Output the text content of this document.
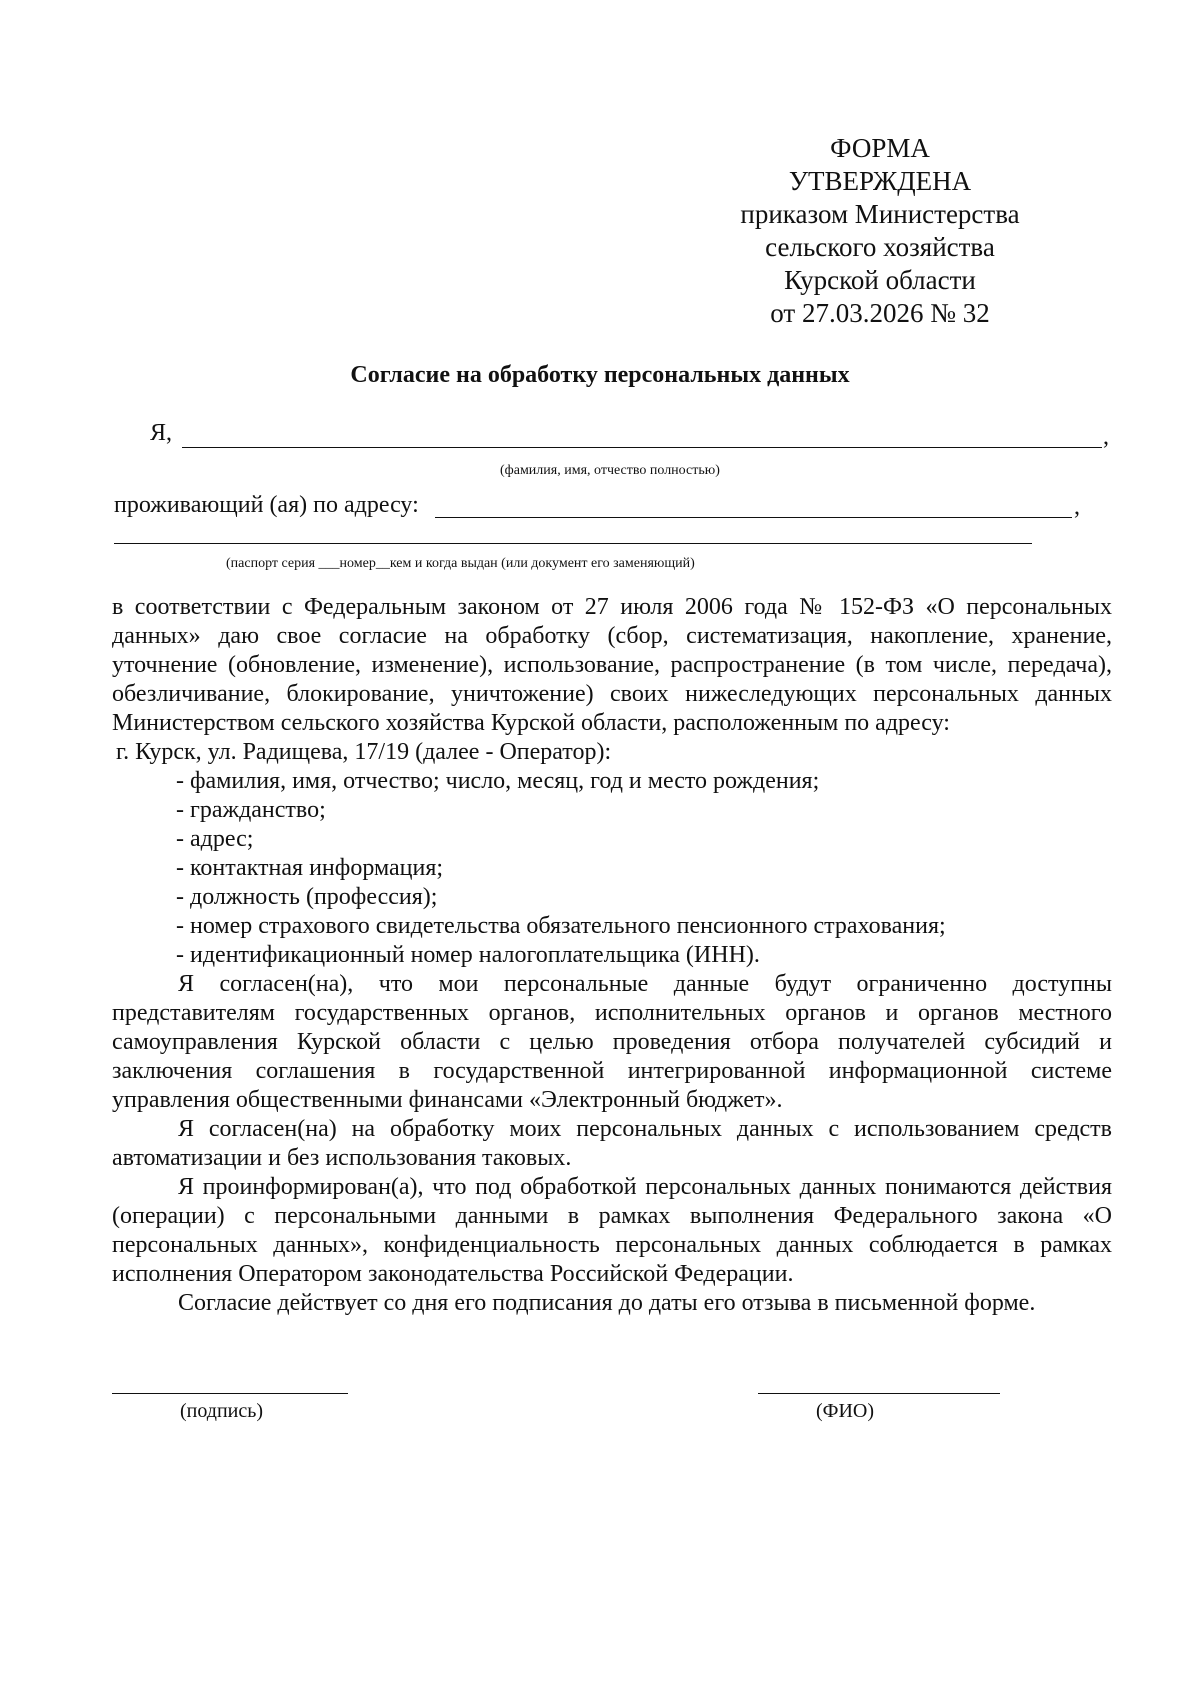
ФОРМА
УТВЕРЖДЕНА
приказом Министерства
сельского хозяйства
Курской области
от 27.03.2026 № 32
Согласие на обработку персональных данных
Я,	,
(фамилия, имя, отчество полностью)
проживающий (ая) по адресу:	,
(паспорт серия ___номер__кем и когда выдан (или документ его заменяющий)

в соответствии с Федеральным законом от 27 июля 2006 года № 152-ФЗ «О персональных данных» даю свое согласие на обработку (сбор, систематизация, накопление, хранение, уточнение (обновление, изменение), использование, распространение (в том числе, передача), обезличивание, блокирование, уничтожение) своих нижеследующих персональных данных Министерством сельского хозяйства Курской области, расположенным по адресу:

г. Курск, ул. Радищева, 17/19 (далее - Оператор):

- фамилия, имя, отчество; число, месяц, год и место рождения;
- гражданство;
- адрес;
- контактная информация;
- должность (профессия);
- номер страхового свидетельства обязательного пенсионного страхования;
- идентификационный номер налогоплательщика (ИНН).

Я согласен(на), что мои персональные данные будут ограниченно доступны представителям государственных органов, исполнительных органов и органов местного самоуправления Курской области с целью проведения отбора получателей субсидий и заключения соглашения в государственной интегрированной информационной системе управления общественными финансами «Электронный бюджет».

Я согласен(на) на обработку моих персональных данных с использованием средств автоматизации и без использования таковых.

Я проинформирован(а), что под обработкой персональных данных понимаются действия (операции) с персональными данными в рамках выполнения Федерального закона «О персональных данных», конфиденциальность персональных данных соблюдается в рамках исполнения Оператором законодательства Российской Федерации.

Согласие действует со дня его подписания до даты его отзыва в письменной форме.

(подпись)	(ФИО)
